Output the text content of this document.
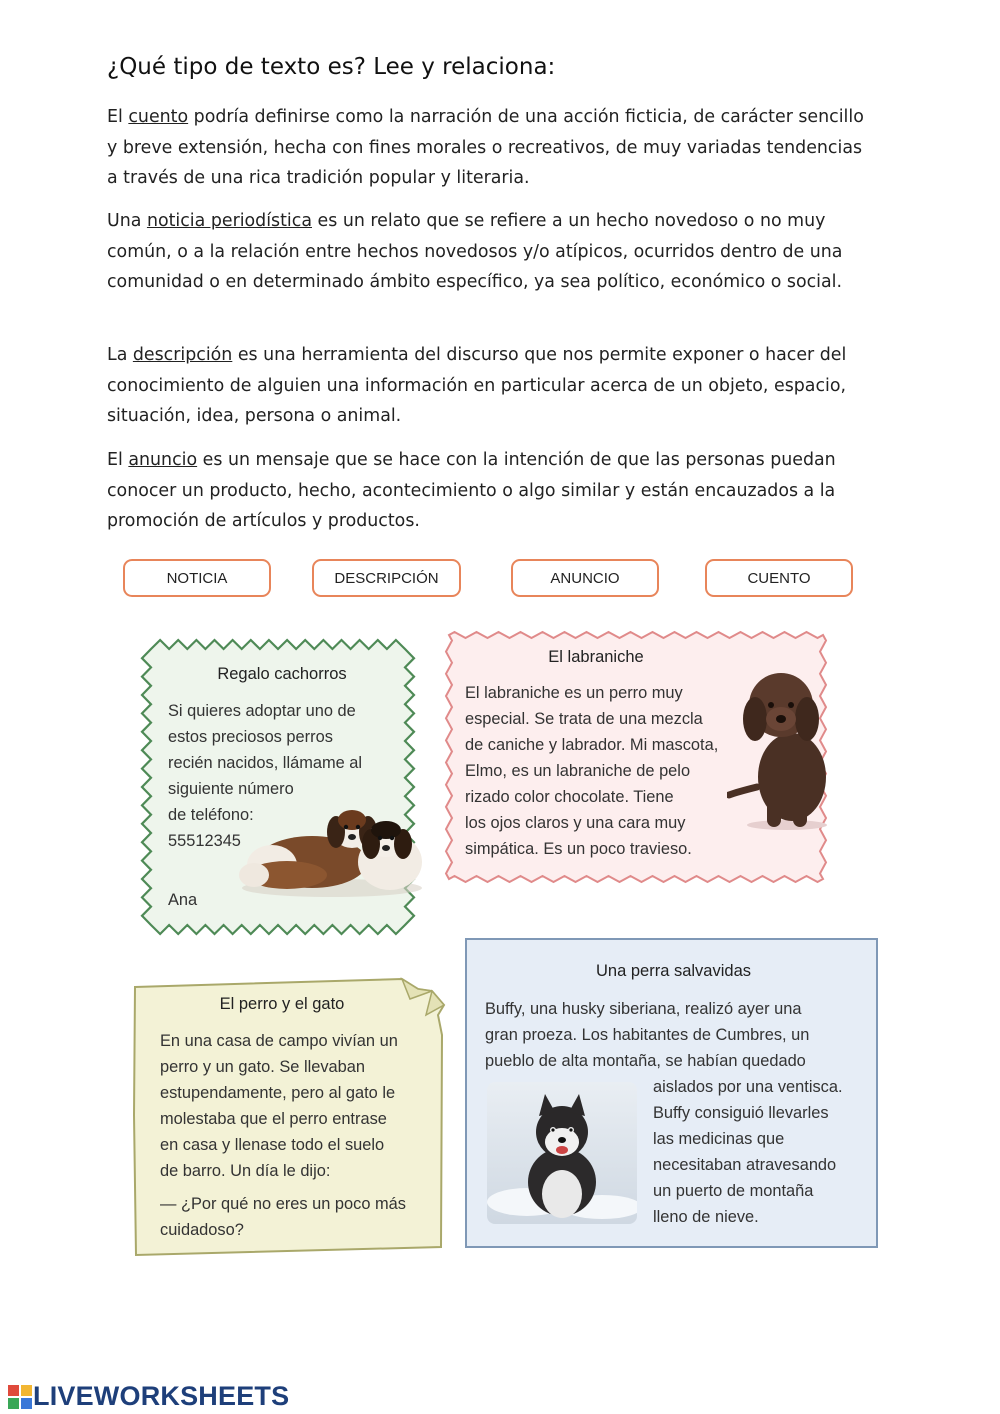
¿Qué tipo de texto es? Lee y relaciona:
El cuento podría definirse como la narración de una acción ficticia, de carácter sencillo y breve extensión, hecha con fines morales o recreativos, de muy variadas tendencias a través de una rica tradición popular y literaria.
Una noticia periodística es un relato que se refiere a un hecho novedoso o no muy común, o a la relación entre hechos novedosos y/o atípicos, ocurridos dentro de una comunidad o en determinado ámbito específico, ya sea político, económico o social.
La descripción es una herramienta del discurso que nos permite exponer o hacer del conocimiento de alguien una información en particular acerca de un objeto, espacio, situación, idea, persona o animal.
El anuncio es un mensaje que se hace con la intención de que las personas puedan conocer un producto, hecho, acontecimiento o algo similar y están encauzados a la promoción de artículos y productos.
NOTICIA	DESCRIPCIÓN	ANUNCIO	CUENTO
Regalo cachorros
Si quieres adoptar uno de
estos preciosos perros
recién nacidos, llámame al
siguiente número
de teléfono:
55512345
Ana
El labraniche
El labraniche es un perro muy
especial. Se trata de una mezcla
de caniche y labrador. Mi mascota,
Elmo, es un labraniche de pelo
rizado color chocolate. Tiene
los ojos claros y una cara muy
simpática. Es un poco travieso.
El perro y el gato
En una casa de campo vivían un
perro y un gato. Se llevaban
estupendamente, pero al gato le
molestaba que el perro entrase
en casa y llenase todo el suelo
de barro. Un día le dijo:
— ¿Por qué no eres un poco más
cuidadoso?
Una perra salvavidas
Buffy, una husky siberiana, realizó ayer una
gran proeza. Los habitantes de Cumbres, un
pueblo de alta montaña, se habían quedado
aislados por una ventisca.
Buffy consiguió llevarles
las medicinas que
necesitaban atravesando
un puerto de montaña
lleno de nieve.
LIVEWORKSHEETS
